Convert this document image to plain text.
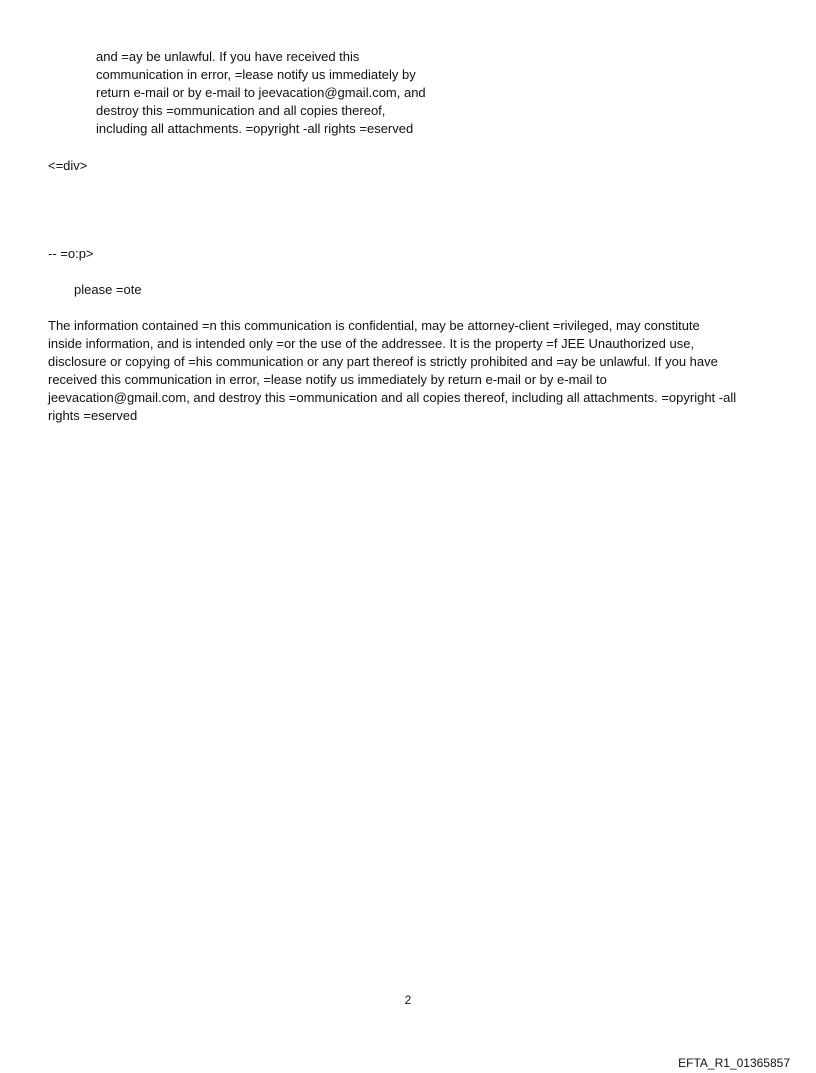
and =ay be unlawful. If you have received this
communication in error, =lease notify us immediately by
return e-mail or by e-mail to jeevacation@gmail.com, and
destroy this =ommunication and all copies thereof,
including all attachments. =opyright -all rights =eserved
<=div>
-- =o:p>
please =ote
The information contained =n this communication is confidential, may be attorney-client =rivileged, may constitute
inside information, and is intended only =or the use of the addressee. It is the property =f JEE Unauthorized use,
disclosure or copying of =his communication or any part thereof is strictly prohibited and =ay be unlawful. If you have
received this communication in error, =lease notify us immediately by return e-mail or by e-mail to
jeevacation@gmail.com, and destroy this =ommunication and all copies thereof, including all attachments. =opyright -all
rights =eserved
2
EFTA_R1_01365857
